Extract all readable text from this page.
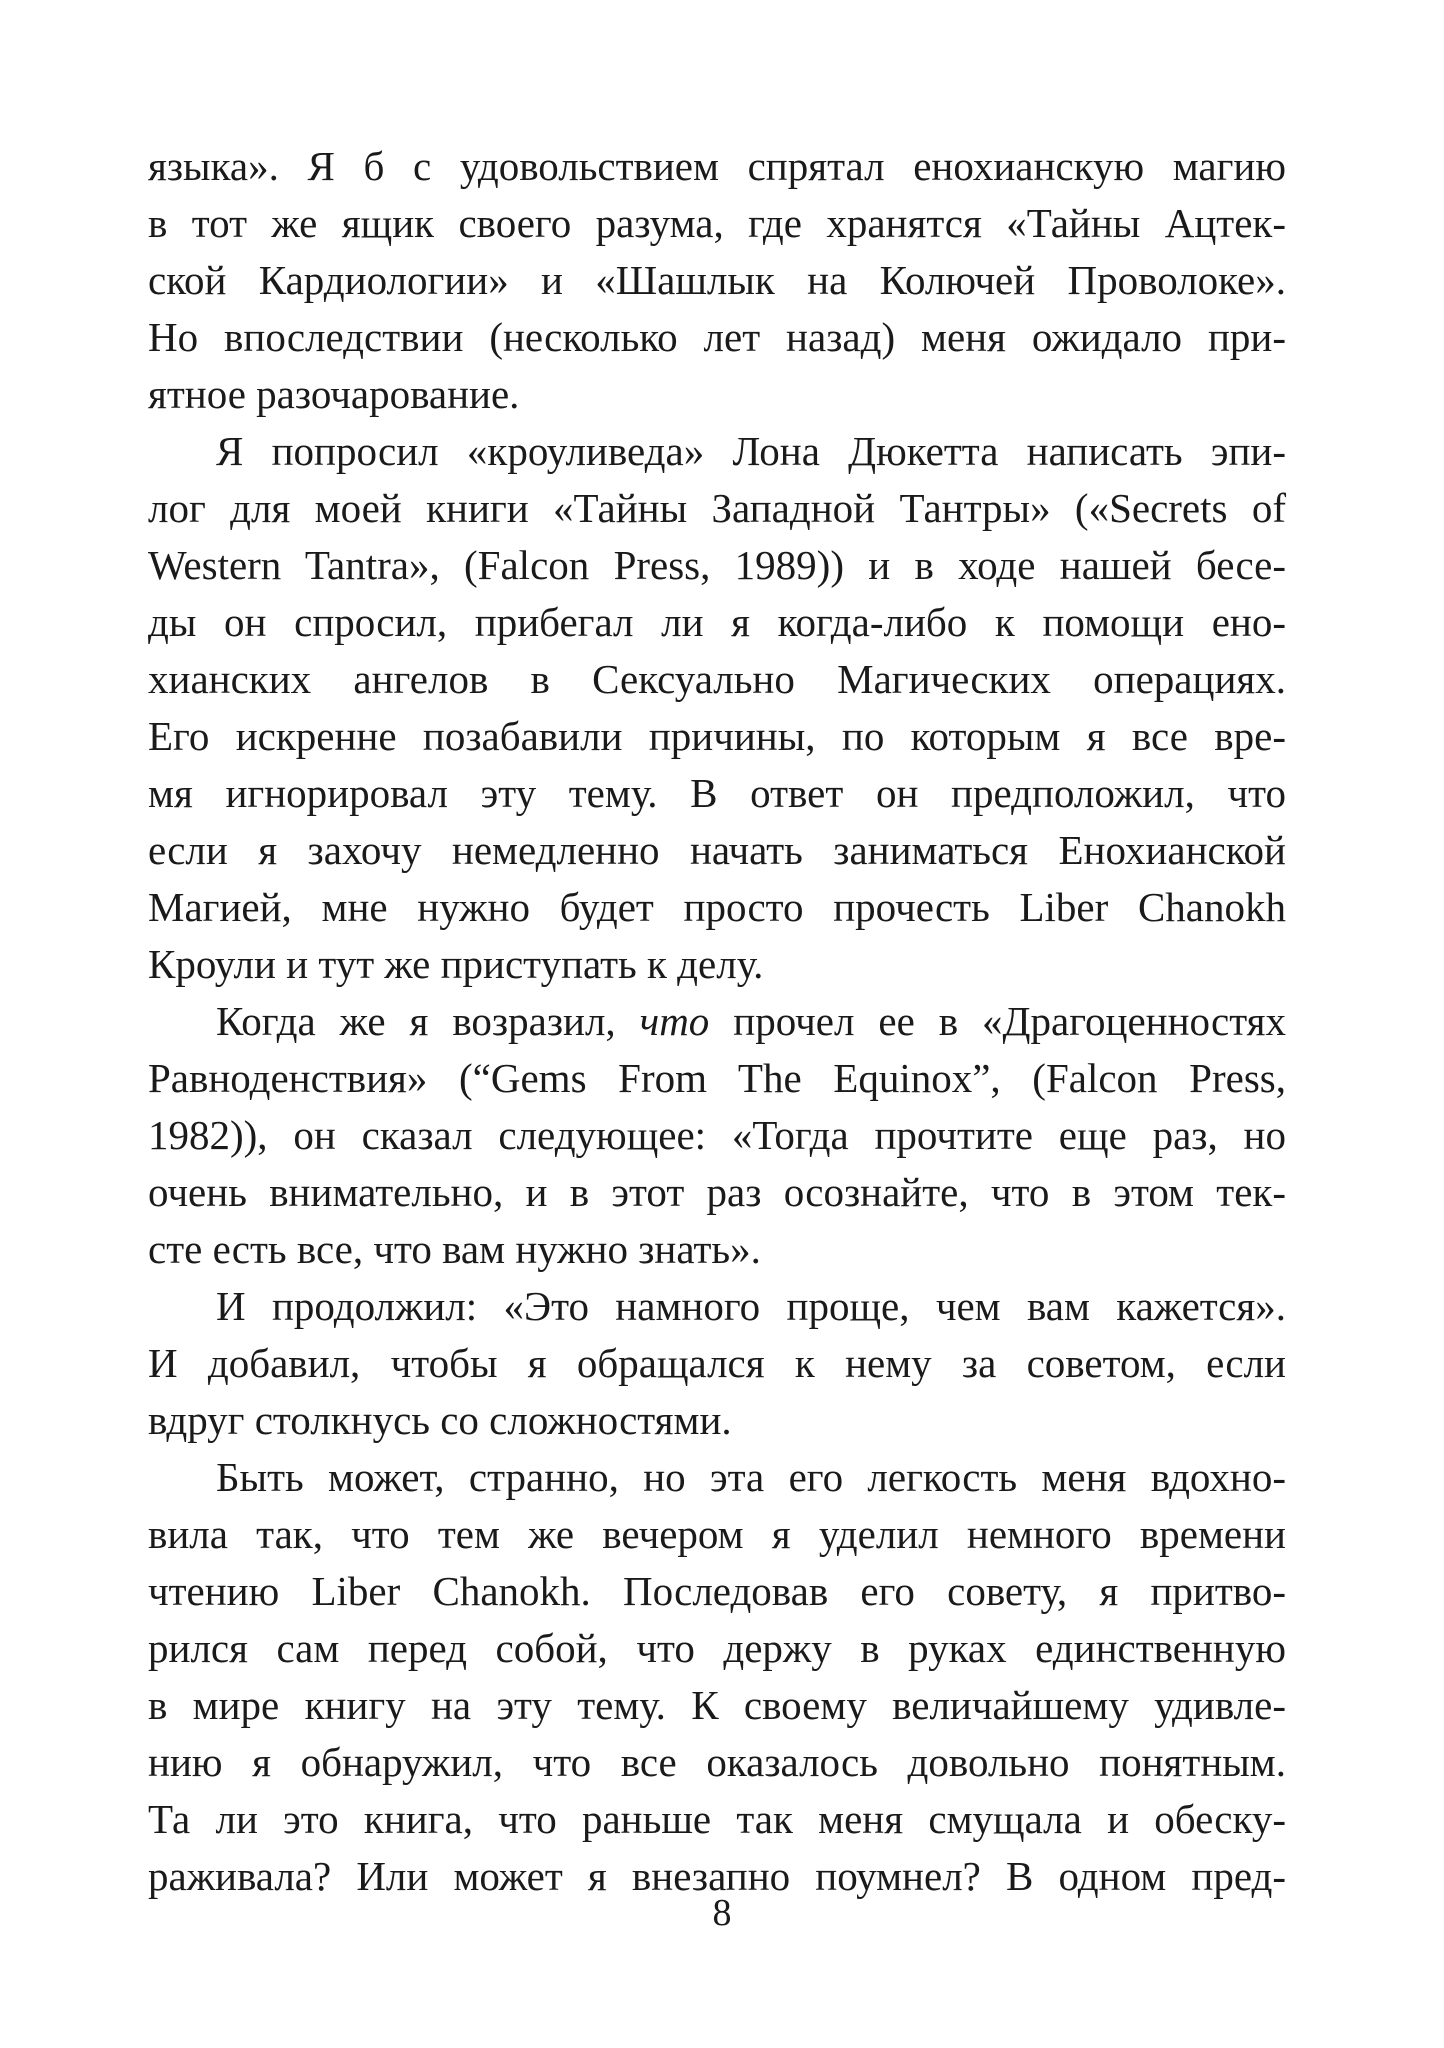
языка». Я б с удовольствием спрятал енохианскую магию
в тот же ящик своего разума, где хранятся «Тайны Ацтек-
ской Кардиологии» и «Шашлык на Колючей Проволоке».
Но впоследствии (несколько лет назад) меня ожидало при-
ятное разочарование.
Я попросил «кроуливеда» Лона Дюкетта написать эпи-
лог для моей книги «Тайны Западной Тантры» («Secrets of
Western Tantra», (Falcon Press, 1989)) и в ходе нашей бесе-
ды он спросил, прибегал ли я когда-либо к помощи ено-
хианских ангелов в Сексуально Магических операциях.
Его искренне позабавили причины, по которым я все вре-
мя игнорировал эту тему. В ответ он предположил, что
если я захочу немедленно начать заниматься Енохианской
Магией, мне нужно будет просто прочесть Liber Chanokh
Кроули и тут же приступать к делу.
Когда же я возразил, что прочел ее в «Драгоценностях
Равноденствия» (“Gems From The Equinox”, (Falcon Press,
1982)), он сказал следующее: «Тогда прочтите еще раз, но
очень внимательно, и в этот раз осознайте, что в этом тек-
сте есть все, что вам нужно знать».
И продолжил: «Это намного проще, чем вам кажется».
И добавил, чтобы я обращался к нему за советом, если
вдруг столкнусь со сложностями.
Быть может, странно, но эта его легкость меня вдохно-
вила так, что тем же вечером я уделил немного времени
чтению Liber Chanokh. Последовав его совету, я притво-
рился сам перед собой, что держу в руках единственную
в мире книгу на эту тему. К своему величайшему удивле-
нию я обнаружил, что все оказалось довольно понятным.
Та ли это книга, что раньше так меня смущала и обеску-
раживала? Или может я внезапно поумнел? В одном пред-
8
